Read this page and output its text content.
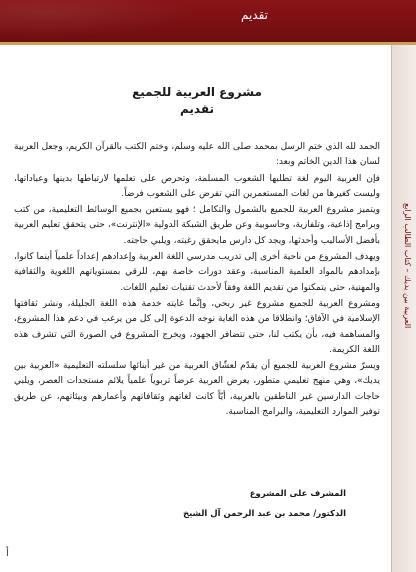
تقديم
العربية بين يديك – كتاب الطالب الرابع

مشروع العربية للجميع

تقديم

الحمد لله الذي ختم الرسل بمحمد صلى الله عليه وسلم، وختم الكتب بالقرآن الكريم، وجعل العربية لسان هذا الدين الخاتم وبعد:

فإن العربية اليوم لغة تطلبها الشعوب المسلمة، وتحرص على تعلمها لارتباطها بدينها وعباداتها، وليست كغيرها من لغات المستعمرين التي تفرض على الشعوب فرضاً.

ويتميز مشروع العربية للجميع بالشمول والتكامل ؛ فهو يستعين بجميع الوسائط التعليمية، من كتب وبرامج إذاعية، وتلفازية، وحاسوبية وعن طريق الشبكة الدولية «الإنترنت»، حتى يتحقق تعليم العربية بأفضل الأساليب وأحدثها، ويجد كل دارس مايحقق رغبته، ويلبي حاجته.

ويهدف المشروع من ناحية أخرى إلى تدريب مدرسي اللغة العربية وإعدادهم إعداداً علمياً أينما كانوا، بإمدادهم بالمواد العلمية المناسبة، وعقد دورات خاصة بهم، للرقي بمستوياتهم اللغوية والثقافية والمهنية، حتى يتمكنوا من تقديم اللغة وفقاً لأحدث تقنيات تعليم اللغات.

ومشروع العربية للجميع مشروع غير ربحي، وإنَّما غايته خدمة هذه اللغة الجليلة، ونشر ثقافتها الإسلامية في الآفاق؛ وانطلاقا من هذه الغاية نوجه الدعوة إلى كل من يرغب في دعم هذا المشروع، والمساهمة فيه، بأن يكتب لنا، حتى تتضافر الجهود، ويخرج المشروع في الصورة التي تشرف هذه اللغة الكريمة.

ويسرّ مشروع العربية للجميع أن يقدّم لعشّاق العربية من غير أبنائها سلسلته التعليمية «العربية بين يديك»، وهي منهج تعليمي متطور، يعرض العربية عرضاً تربوياً علمياً يلائم مستجدات العصر، ويلبي حاجات الدارسين غير الناطقين بالعربية، أيّاً كانت لغاتهم وثقافاتهم وأعمارهم وبيئاتهم، عن طريق توفير الموارد التعليمية، والبرامج المناسبة.

المشرف على المشروع
الدكتور/ محمد بن عبد الرحمن آل الشيخ
أ
